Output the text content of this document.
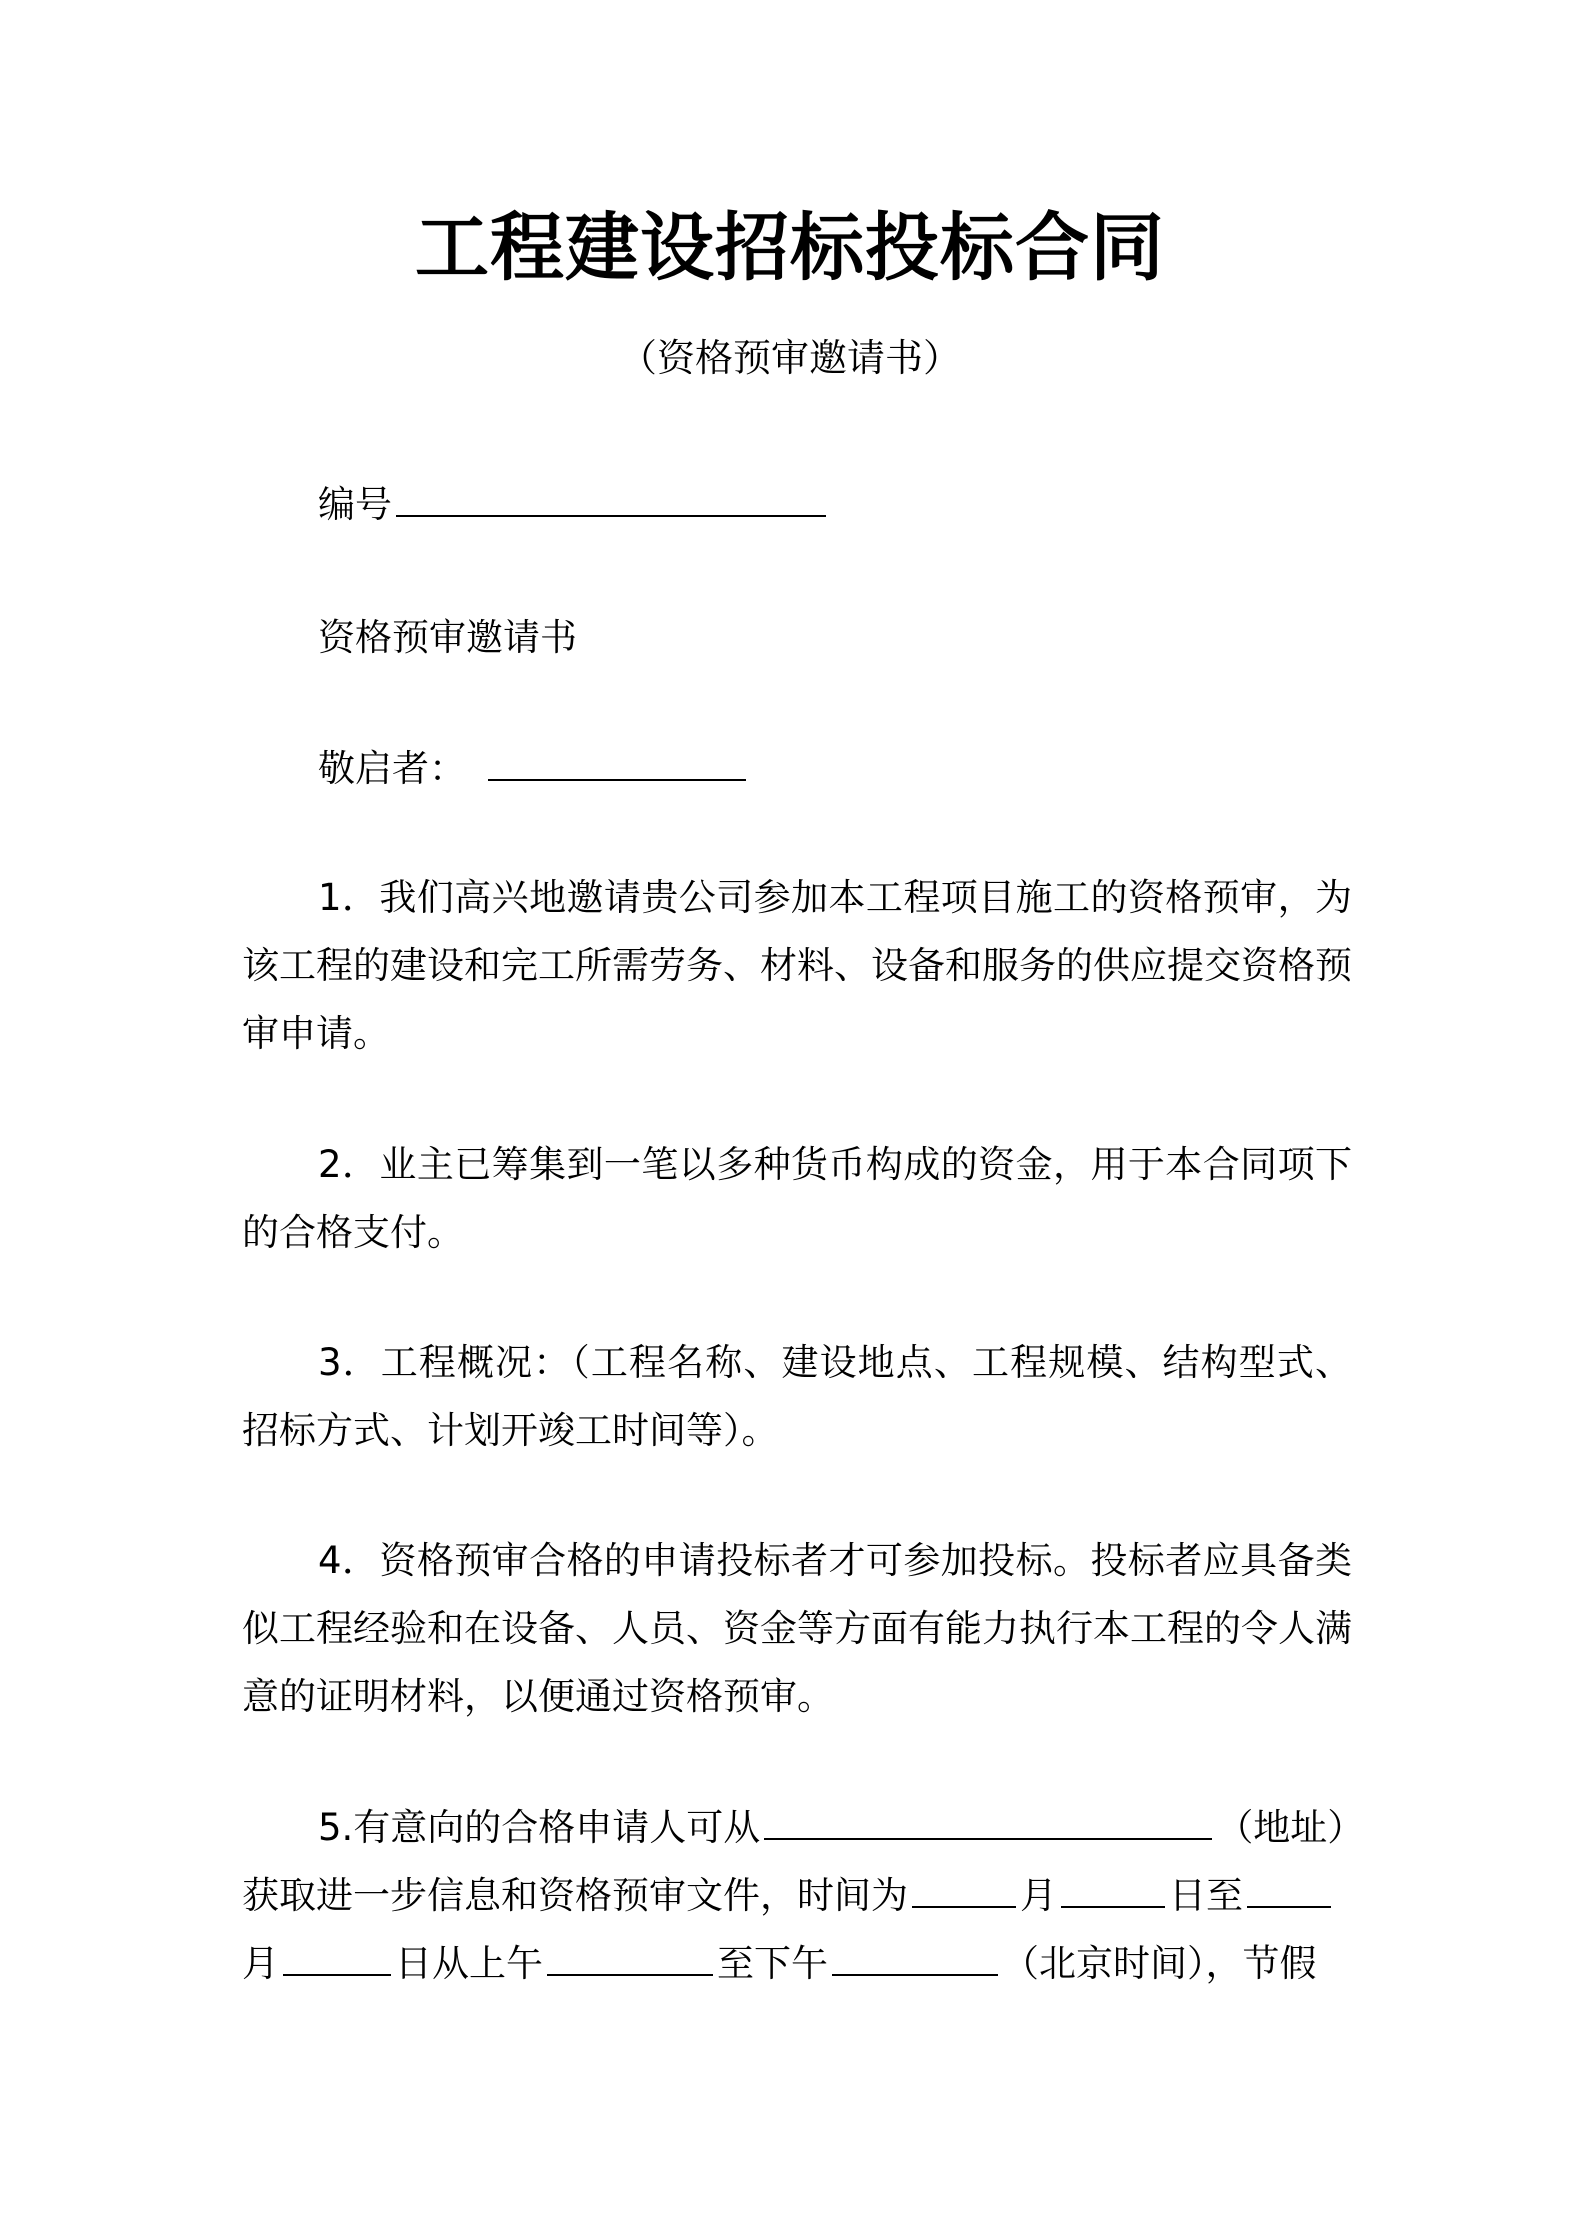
工程建设招标投标合同
（资格预审邀请书）
编号
资格预审邀请书
敬启者：
1．我们高兴地邀请贵公司参加本工程项目施工的资格预审，为该工程的建设和完工所需劳务、材料、设备和服务的供应提交资格预审申请。
2．业主已筹集到一笔以多种货币构成的资金，用于本合同项下的合格支付。
3．工程概况：（工程名称、建设地点、工程规模、结构型式、招标方式、计划开竣工时间等）。
4．资格预审合格的申请投标者才可参加投标。投标者应具备类似工程经验和在设备、人员、资金等方面有能力执行本工程的令人满意的证明材料，以便通过资格预审。
5.有意向的合格申请人可从	（地址）
获取进一步信息和资格预审文件，时间为	月	日至
月	日从上午	至下午	（北京时间），节假
